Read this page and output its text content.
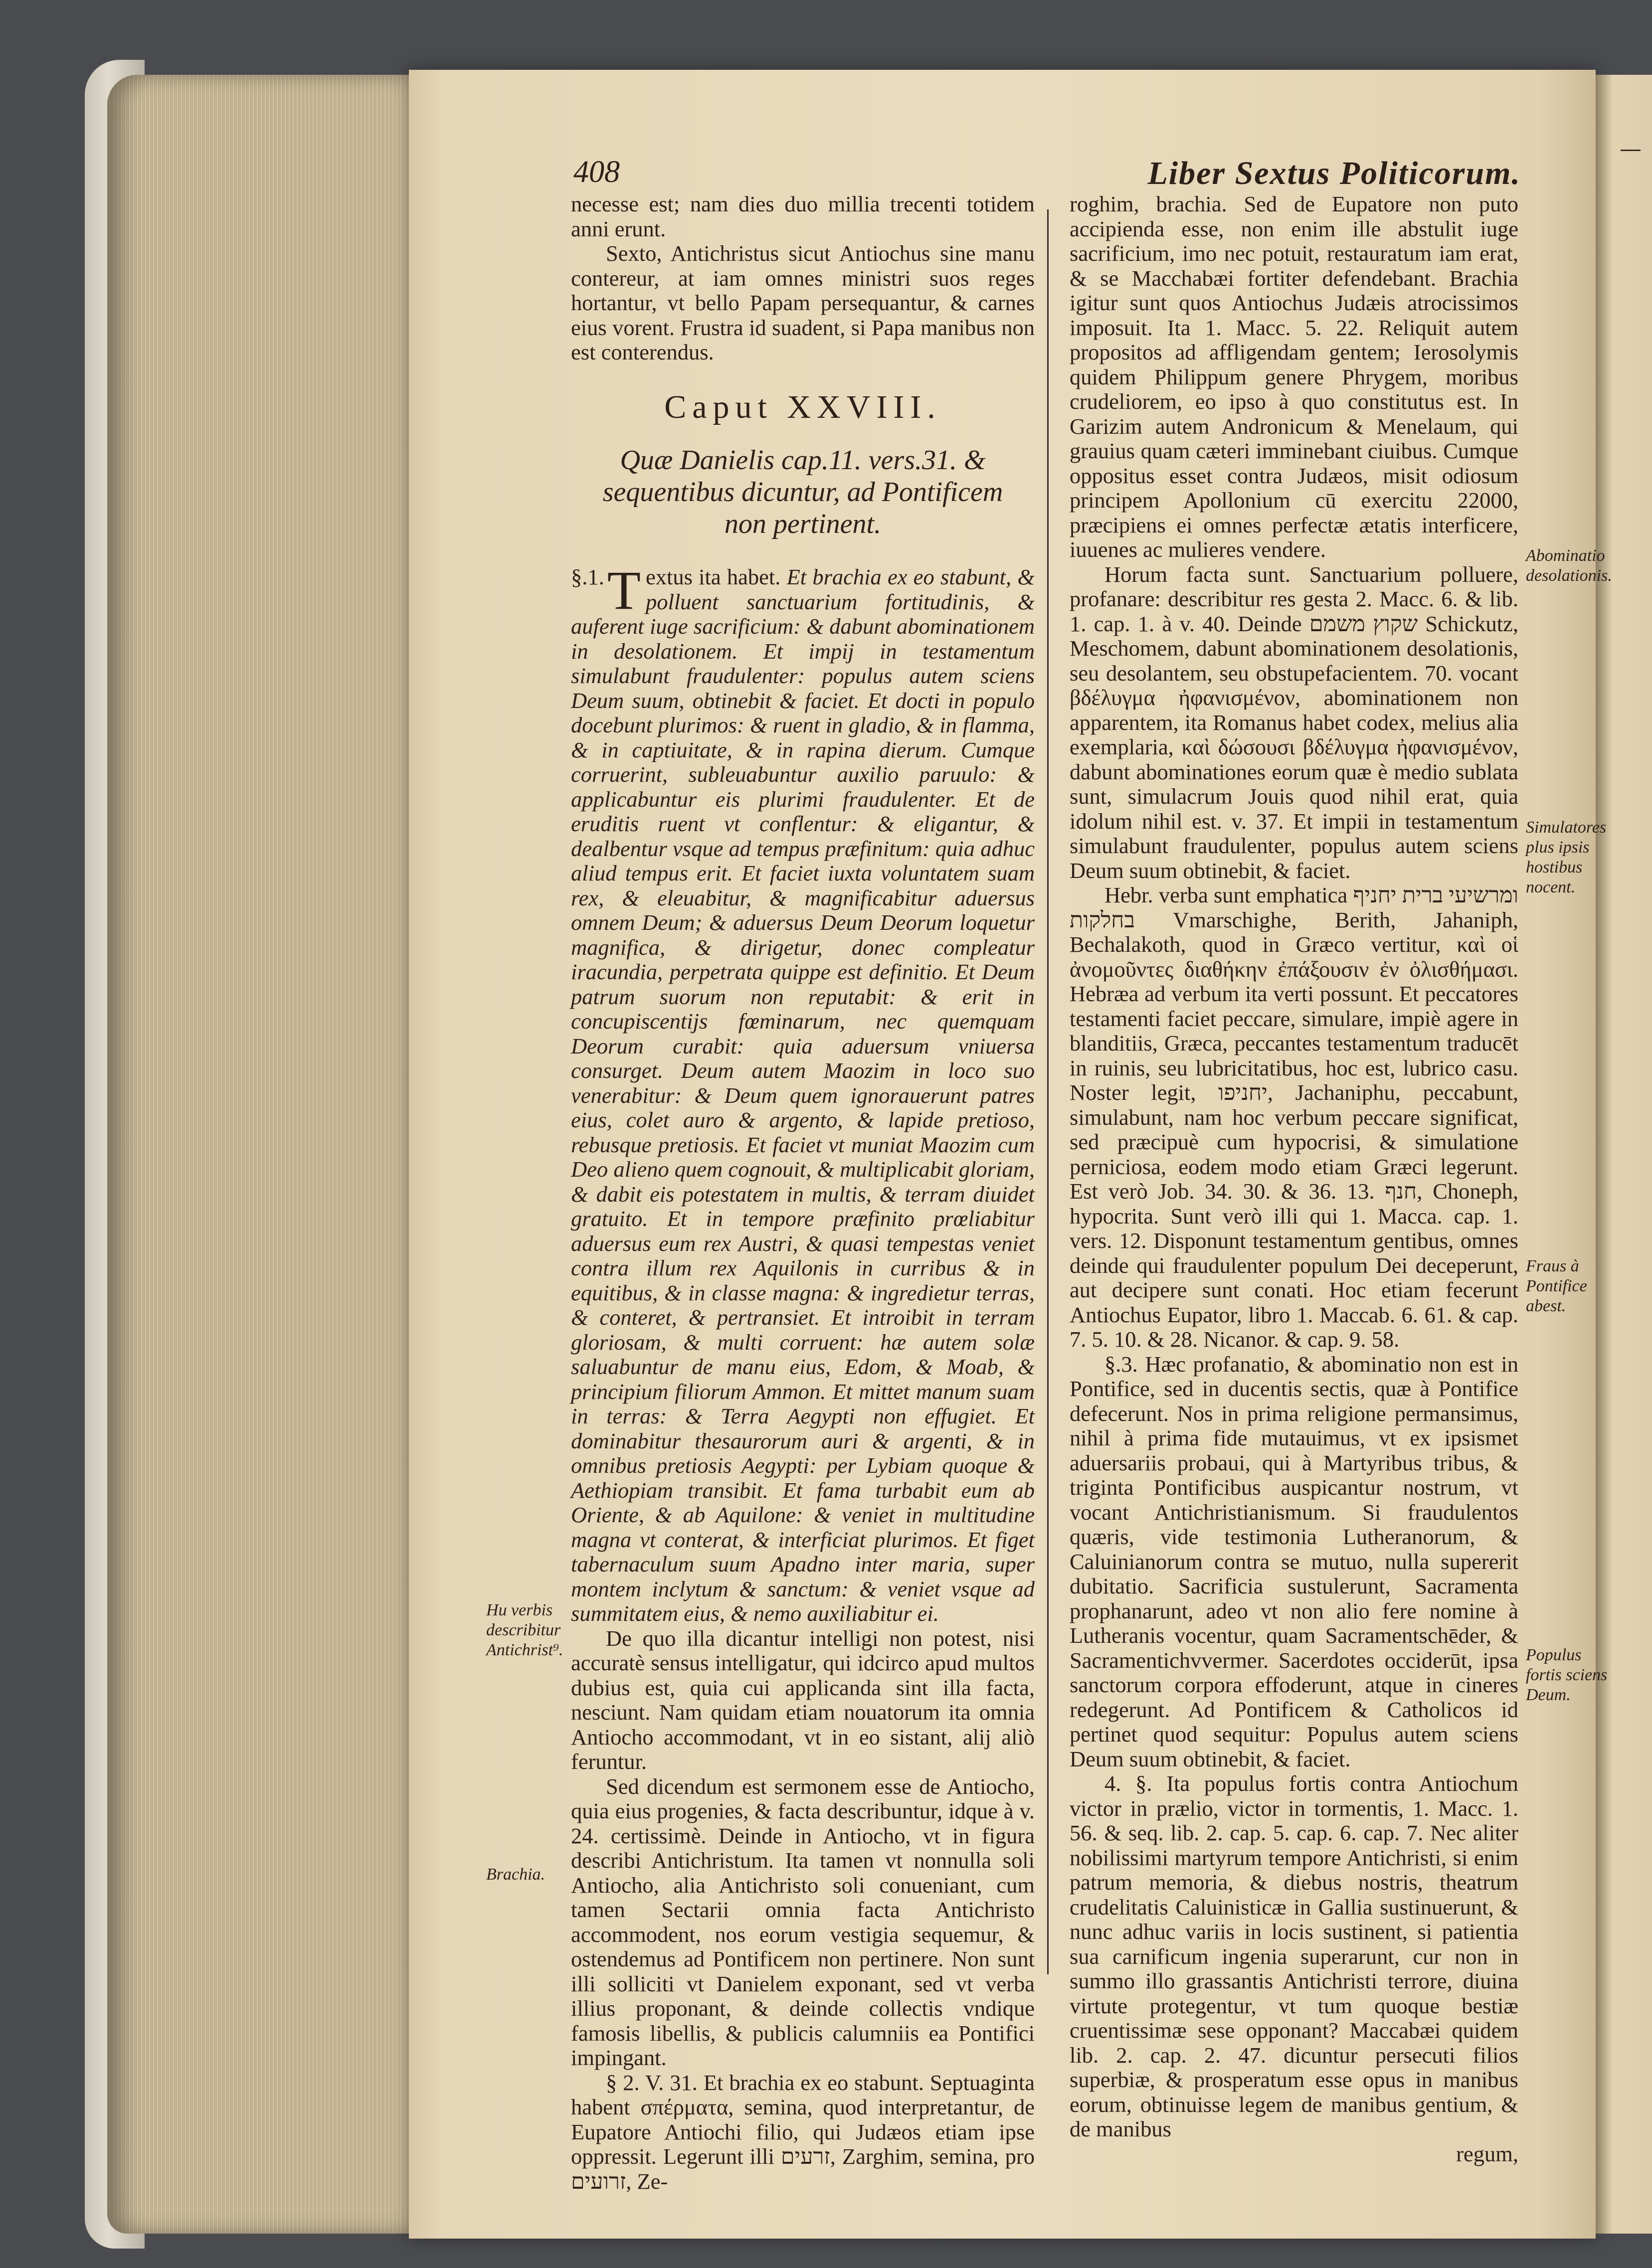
408	Liber Sextus Politicorum.

necesse est; nam dies duo millia trecenti totidem anni erunt.

Sexto, Antichristus sicut Antiochus sine manu contereur, at iam omnes ministri suos reges hortantur, vt bello Papam persequantur, & carnes eius vorent. Frustra id suadent, si Papa manibus non est conterendus.

Caput XXVIII.
Quæ Danielis cap.11. vers.31. & sequentibus dicuntur, ad Pontificem non pertinent.

§.1. T extus ita habet. Et brachia ex eo stabunt, & polluent sanctuarium fortitudinis, & auferent iuge sacrificium: & dabunt abominationem in desolationem. Et impij in testamentum simulabunt fraudulenter: populus autem sciens Deum suum, obtinebit & faciet. Et docti in populo docebunt plurimos: & ruent in gladio, & in flamma, & in captiuitate, & in rapina dierum. Cumque corruerint, subleuabuntur auxilio paruulo: & applicabuntur eis plurimi fraudulenter. Et de eruditis ruent vt conflentur: & eligantur, & dealbentur vsque ad tempus præfinitum: quia adhuc aliud tempus erit. Et faciet iuxta voluntatem suam rex, & eleuabitur, & magnificabitur aduersus omnem Deum; & aduersus Deum Deorum loquetur magnifica, & dirigetur, donec compleatur iracundia, perpetrata quippe est definitio. Et Deum patrum suorum non reputabit: & erit in concupiscentijs fœminarum, nec quemquam Deorum curabit: quia aduersum vniuersa consurget. Deum autem Maozim in loco suo venerabitur: & Deum quem ignorauerunt patres eius, colet auro & argento, & lapide pretioso, rebusque pretiosis. Et faciet vt muniat Maozim cum Deo alieno quem cognouit, & multiplicabit gloriam, & dabit eis potestatem in multis, & terram diuidet gratuito. Et in tempore præfinito prœliabitur aduersus eum rex Austri, & quasi tempestas veniet contra illum rex Aquilonis in curribus & in equitibus, & in classe magna: & ingredietur terras, & conteret, & pertransiet. Et introibit in terram gloriosam, & multi corruent: hæ autem solæ saluabuntur de manu eius, Edom, & Moab, & principium filiorum Ammon. Et mittet manum suam in terras: & Terra Aegypti non effugiet. Et dominabitur thesaurorum auri & argenti, & in omnibus pretiosis Aegypti: per Lybiam quoque & Aethiopiam transibit. Et fama turbabit eum ab Oriente, & ab Aquilone: & veniet in multitudine magna vt conterat, & interficiat plurimos. Et figet tabernaculum suum Apadno inter maria, super montem inclytum & sanctum: & veniet vsque ad summitatem eius, & nemo auxiliabitur ei.

De quo illa dicantur intelligi non potest, nisi accuratè sensus intelligatur, qui idcirco apud multos dubius est, quia cui applicanda sint illa facta, nesciunt. Nam quidam etiam nouatorum ita omnia Antiocho accommodant, vt in eo sistant, alij aliò feruntur.

Sed dicendum est sermonem esse de Antiocho, quia eius progenies, & facta describuntur, idque à v. 24. certissimè. Deinde in Antiocho, vt in figura describi Antichristum. Ita tamen vt nonnulla soli Antiocho, alia Antichristo soli conueniant, cum tamen Sectarii omnia facta Antichristo accommodent, nos eorum vestigia sequemur, & ostendemus ad Pontificem non pertinere. Non sunt illi solliciti vt Danielem exponant, sed vt verba illius proponant, & deinde collectis vndique famosis libellis, & publicis calumniis ea Pontifici impingant.

§ 2. V. 31. Et brachia ex eo stabunt. Septuaginta habent σπέρματα, semina, quod interpretantur, de Eupatore Antiochi filio, qui Judæos etiam ipse oppressit. Legerunt illi זרעים, Zarghim, semina, pro זרועים, Ze-

roghim, brachia. Sed de Eupatore non puto accipienda esse, non enim ille abstulit iuge sacrificium, imo nec potuit, restauratum iam erat, & se Macchabæi fortiter defendebant. Brachia igitur sunt quos Antiochus Judæis atrocissimos imposuit. Ita 1. Macc. 5. 22. Reliquit autem propositos ad affligendam gentem; Ierosolymis quidem Philippum genere Phrygem, moribus crudeliorem, eo ipso à quo constitutus est. In Garizim autem Andronicum & Menelaum, qui grauius quam cæteri imminebant ciuibus. Cumque oppositus esset contra Judæos, misit odiosum principem Apollonium cū exercitu 22000, præcipiens ei omnes perfectæ ætatis interficere, iuuenes ac mulieres vendere.

Horum facta sunt. Sanctuarium polluere, profanare: describitur res gesta 2. Macc. 6. & lib. 1. cap. 1. à v. 40. Deinde שקוץ משמם Schickutz, Meschomem, dabunt abominationem desolationis, seu desolantem, seu obstupefacientem. 70. vocant βδέλυγμα ἠφανισμένον, abominationem non apparentem, ita Romanus habet codex, melius alia exemplaria, καὶ δώσουσι βδέλυγμα ἠφανισμένον, dabunt abominationes eorum quæ è medio sublata sunt, simulacrum Jouis quod nihil erat, quia idolum nihil est. v. 37. Et impii in testamentum simulabunt fraudulenter, populus autem sciens Deum suum obtinebit, & faciet.

Hebr. verba sunt emphatica ומרשיעי ברית יחניף בחלקות Vmarschighe, Berith, Jahaniph, Bechalakoth, quod in Græco vertitur, καὶ οἱ ἀνομοῦντες διαθήκην ἐπάξουσιν ἐν ὀλισθήμασι. Hebræa ad verbum ita verti possunt. Et peccatores testamenti faciet peccare, simulare, impiè agere in blanditiis, Græca, peccantes testamentum traducēt in ruinis, seu lubricitatibus, hoc est, lubrico casu. Noster legit, יחניפו, Jachaniphu, peccabunt, simulabunt, nam hoc verbum peccare significat, sed præcipuè cum hypocrisi, & simulatione perniciosa, eodem modo etiam Græci legerunt. Est verò Job. 34. 30. & 36. 13. חנף, Choneph, hypocrita. Sunt verò illi qui 1. Macca. cap. 1. vers. 12. Disponunt testamentum gentibus, omnes deinde qui fraudulenter populum Dei deceperunt, aut decipere sunt conati. Hoc etiam fecerunt Antiochus Eupator, libro 1. Maccab. 6. 61. & cap. 7. 5. 10. & 28. Nicanor. & cap. 9. 58.

§.3. Hæc profanatio, & abominatio non est in Pontifice, sed in ducentis sectis, quæ à Pontifice defecerunt. Nos in prima religione permansimus, nihil à prima fide mutauimus, vt ex ipsismet aduersariis probaui, qui à Martyribus tribus, & triginta Pontificibus auspicantur nostrum, vt vocant Antichristianismum. Si fraudulentos quæris, vide testimonia Lutheranorum, & Caluinianorum contra se mutuo, nulla supererit dubitatio. Sacrificia sustulerunt, Sacramenta prophanarunt, adeo vt non alio fere nomine à Lutheranis vocentur, quam Sacramentschēder, & Sacramentichvvermer. Sacerdotes occiderūt, ipsa sanctorum corpora effoderunt, atque in cineres redegerunt. Ad Pontificem & Catholicos id pertinet quod sequitur: Populus autem sciens Deum suum obtinebit, & faciet.

4. §. Ita populus fortis contra Antiochum victor in prælio, victor in tormentis, 1. Macc. 1. 56. & seq. lib. 2. cap. 5. cap. 6. cap. 7. Nec aliter nobilissimi martyrum tempore Antichristi, si enim patrum memoria, & diebus nostris, theatrum crudelitatis Caluinisticæ in Gallia sustinuerunt, & nunc adhuc variis in locis sustinent, si patientia sua carnificum ingenia superarunt, cur non in summo illo grassantis Antichristi terrore, diuina virtute protegentur, vt tum quoque bestiæ cruentissimæ sese opponant? Maccabæi quidem lib. 2. cap. 2. 47. dicuntur persecuti filios superbiæ, & prosperatum esse opus in manibus eorum, obtinuisse legem de manibus gentium, & de manibus

regum,

Hu verbis describitur Antichrist⁹.
Brachia.
Abominatio desolationis.
Simulatores plus ipsis hostibus nocent.
Fraus à Pontifice abest.
Populus fortis sciens Deum.
